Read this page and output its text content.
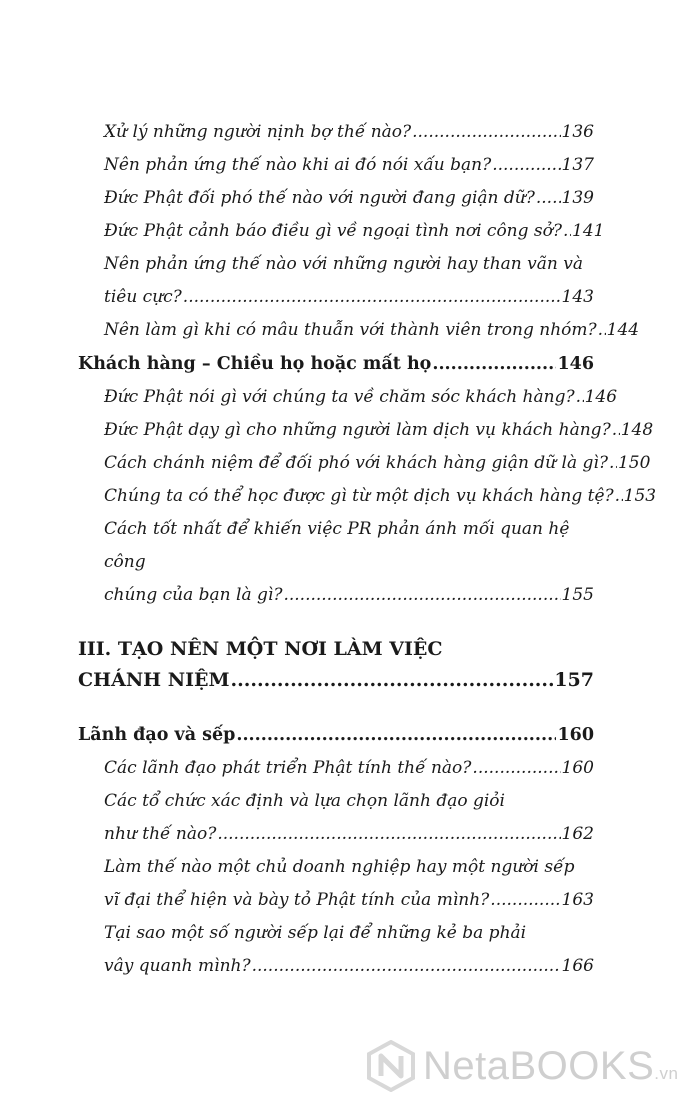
Xử lý những người nịnh bợ thế nào? .....	136
Nên phản ứng thế nào khi ai đó nói xấu bạn? .....	137
Đức Phật đối phó thế nào với người đang giận dữ? ..... 139
Đức Phật cảnh báo điều gì về ngoại tình nơi công sở? ..... 141
Nên phản ứng thế nào với những người hay than vãn và
tiêu cực? .....	143
Nên làm gì khi có mâu thuẫn với thành viên trong nhóm? ..... 144
Khách hàng – Chiều họ hoặc mất họ .....	146
Đức Phật nói gì với chúng ta về chăm sóc khách hàng? ..... 146
Đức Phật dạy gì cho những người làm dịch vụ khách hàng? ..... 148
Cách chánh niệm để đối phó với khách hàng giận dữ là gì? ..... 150
Chúng ta có thể học được gì từ một dịch vụ khách hàng tệ? ..... 153
Cách tốt nhất để khiến việc PR phản ánh mối quan hệ công
chúng của bạn là gì? .....	155
III. TẠO NÊN MỘT NƠI LÀM VIỆC
CHÁNH NIỆM .....	157
Lãnh đạo và sếp .....	160
Các lãnh đạo phát triển Phật tính thế nào? .....	160
Các tổ chức xác định và lựa chọn lãnh đạo giỏi
như thế nào? .....	162
Làm thế nào một chủ doanh nghiệp hay một người sếp
vĩ đại thể hiện và bày tỏ Phật tính của mình? .....	163
Tại sao một số người sếp lại để những kẻ ba phải
vây quanh mình? .....	166
NetaBOOKS.vn
